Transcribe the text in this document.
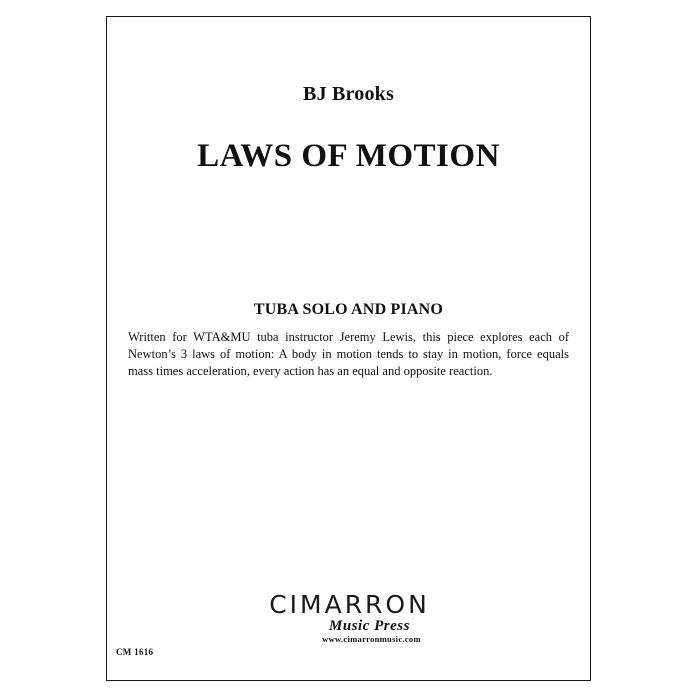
BJ Brooks
LAWS OF MOTION
TUBA SOLO AND PIANO
Written for WTA&MU tuba instructor Jeremy Lewis, this piece explores each of Newton’s 3 laws of motion: A body in motion tends to stay in motion, force equals mass times acceleration, every action has an equal and opposite reaction.
CIMARRON
Music Press
www.cimarronmusic.com
CM 1616
